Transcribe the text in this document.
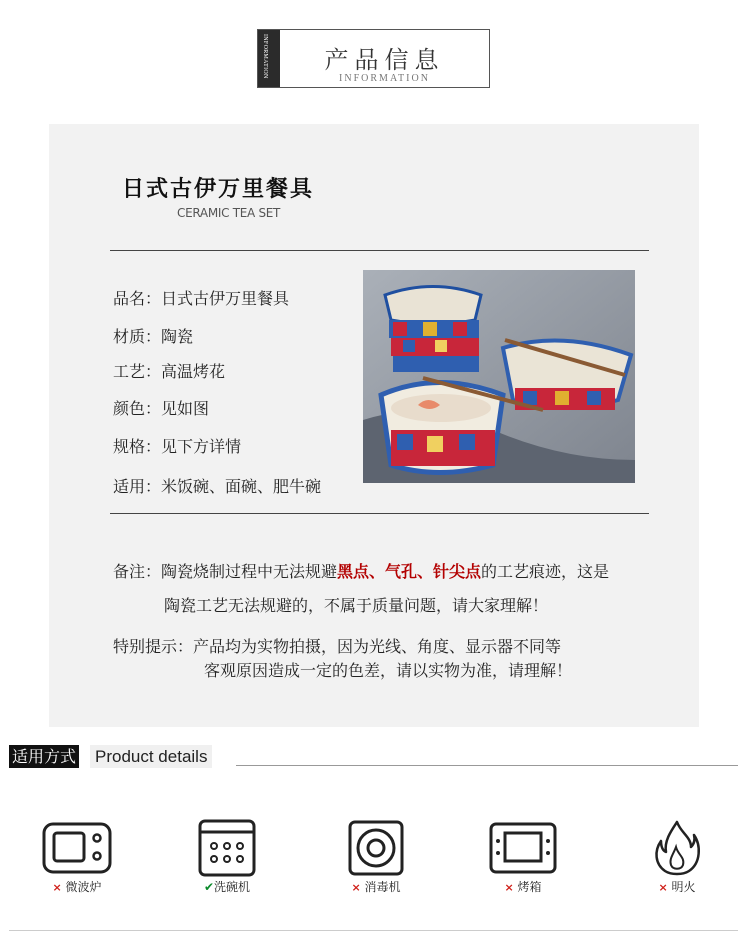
INFORMATION	产品信息
INFORMATION
日式古伊万里餐具
CERAMIC TEA SET
品名：日式古伊万里餐具
材质：陶瓷
工艺：高温烤花
颜色：见如图
规格：见下方详情
适用：米饭碗、面碗、肥牛碗
备注：陶瓷烧制过程中无法规避黑点、气孔、针尖点的工艺痕迹，这是
陶瓷工艺无法规避的，不属于质量问题，请大家理解！
特别提示：产品均为实物拍摄，因为光线、角度、显示器不同等
客观原因造成一定的色差，请以实物为准，请理解！
适用方式 Product details
× 微波炉	✔洗碗机	× 消毒机	× 烤箱	× 明火
